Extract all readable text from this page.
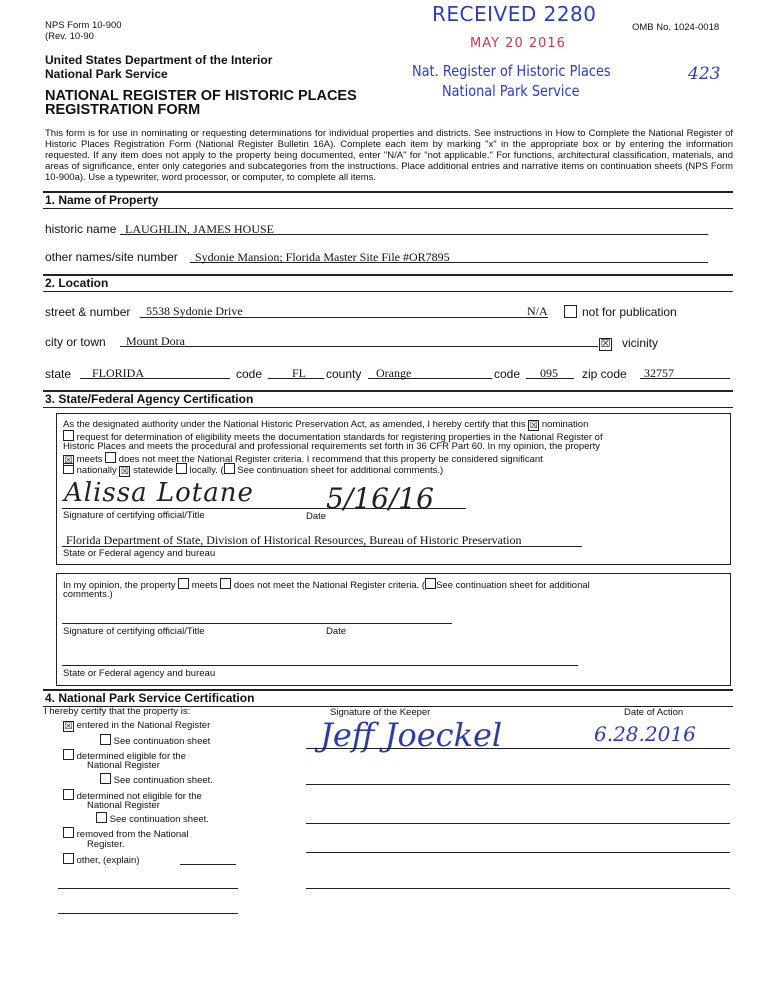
NPS Form 10-900
(Rev. 10-90
OMB No. 1024-0018
United States Department of the Interior
National Park Service
NATIONAL REGISTER OF HISTORIC PLACES
REGISTRATION FORM
RECEIVED 2280
MAY 20 2016
Nat. Register of Historic Places
National Park Service
423
This form is for use in nominating or requesting determinations for individual properties and districts. See instructions in How to Complete the National Register of Historic Places Registration Form (National Register Bulletin 16A). Complete each item by marking "x" in the appropriate box or by entering the information requested. If any item does not apply to the property being documented, enter "N/A" for "not applicable." For functions, architectural classification, materials, and areas of significance, enter only categories and subcategories from the instructions. Place additional entries and narrative items on continuation sheets (NPS Form 10-900a). Use a typewriter, word processor, or computer, to complete all items.
1. Name of Property
historic name LAUGHLIN, JAMES HOUSE
other names/site number Sydonie Mansion; Florida Master Site File #OR7895
2. Location
street & number 5538 Sydonie Drive	N/A	not for publication
city or town Mount Dora	☒ vicinity
state FLORIDA	code FL county Orange	code 095 zip code 32757
3. State/Federal Agency Certification
As the designated authority under the National Historic Preservation Act, as amended, I hereby certify that this ☒ nomination
request for determination of eligibility meets the documentation standards for registering properties in the National Register of
Historic Places and meets the procedural and professional requirements set forth in 36 CFR Part 60. In my opinion, the property
☒ meets does not meet the National Register criteria. I recommend that this property be considered significant
nationally ☒ statewide locally. ( See continuation sheet for additional comments.)
Alissa Lotane	5/16/16
Signature of certifying official/Title	Date
Florida Department of State, Division of Historical Resources, Bureau of Historic Preservation
State or Federal agency and bureau
In my opinion, the property meets does not meet the National Register criteria. ( See continuation sheet for additional
comments.)
Signature of certifying official/Title	Date
State or Federal agency and bureau
4. National Park Service Certification
I hereby certify that the property is:
☒ entered in the National Register
See continuation sheet
determined eligible for the
National Register
See continuation sheet.
determined not eligible for the
National Register
See continuation sheet.
removed from the National
Register.
other, (explain)
Signature of the Keeper	Date of Action
Jeff Joeckel	6.28.2016
